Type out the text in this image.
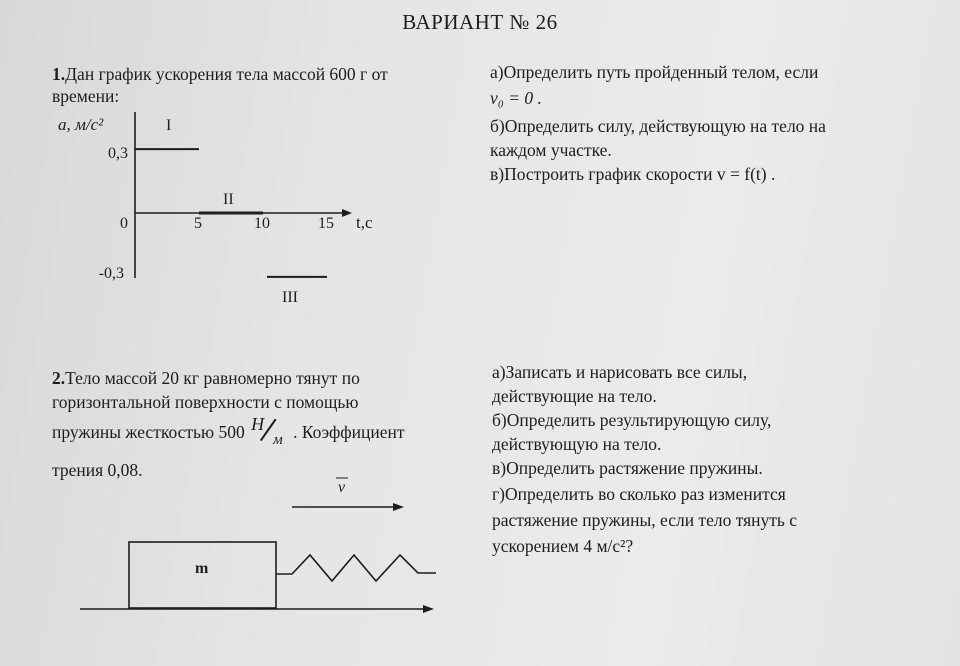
ВАРИАНТ № 26
1.Дан график ускорения тела массой 600 г от
времени:
a, м/с²
t,c
0,3
0
-0,3
5	10	15
I
II
III
а)Определить путь пройденный телом, если
v₀ = 0 .
б)Определить силу, действующую на тело на
каждом участке.
в)Построить график скорости v = f(t) .
2.Тело массой 20 кг равномерно тянут по
горизонтальной поверхности с помощью
пружины жесткостью 500 Н
м . Коэффициент
трения 0,08.
v
m
а)Записать и нарисовать все силы,
действующие на тело.
б)Определить результирующую силу,
действующую на тело.
в)Определить растяжение пружины.
г)Определить во сколько раз изменится
растяжение пружины, если тело тянуть с
ускорением 4 м/с²?
